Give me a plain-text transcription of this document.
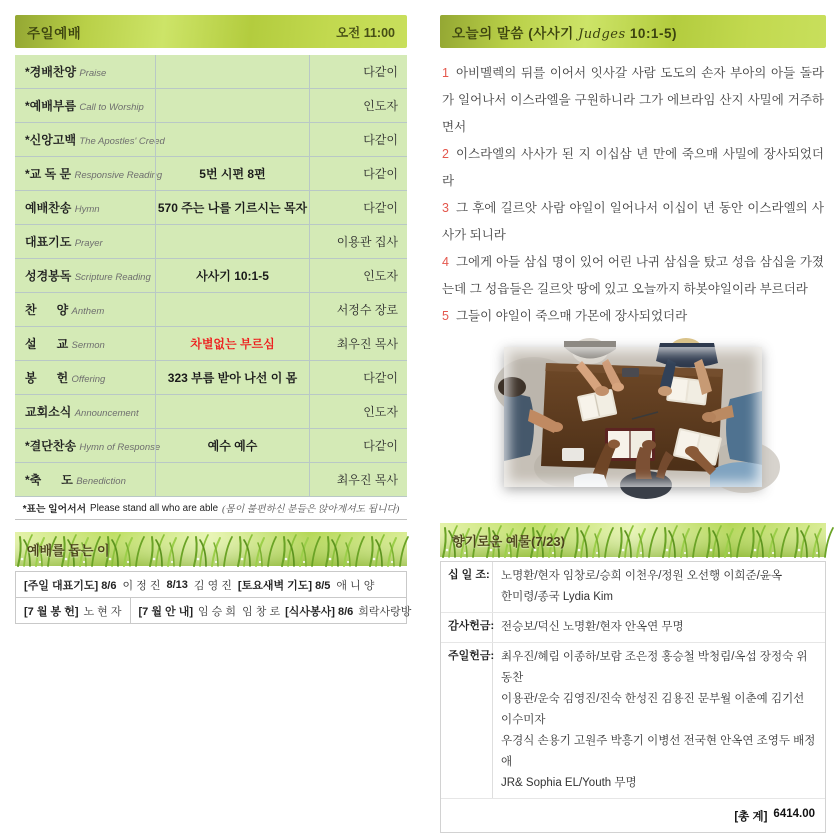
주일예배	오전 11:00
*경배찬양 Praise	다같이
*예배부름 Call to Worship	인도자
*신앙고백 The Apostles' Creed	다같이
*교 독 문 Responsive Reading	5번 시편 8편	다같이
예배찬송 Hymn	570 주는 나를 기르시는 목자	다같이
대표기도 Prayer	이용관 집사
성경봉독 Scripture Reading	사사기 10:1-5	인도자
찬      양 Anthem	서정수 장로
설      교 Sermon	차별없는 부르심	최우진 목사
봉      헌 Offering	323 부름 받아 나선 이 몸	다같이
교회소식 Announcement	인도자
*결단찬송 Hymn of Response	예수 예수	다같이
*축      도 Benediction	최우진 목사
*표는 일어서서 Please stand all who are able (몸이 불편하신 분들은 앉아계셔도 됩니다)
예배를 돕는 이
[주일 대표기도] 8/6 이 정 진 8/13 김 영 진 [토요새벽 기도] 8/5 애 니 양
[7 월 봉 헌] 노 현 자 [7 월 안 내] 임 승 희  임 창 로 [식사봉사] 8/6 희락사랑방
오늘의 말씀 (사사기 Judges 10:1-5)

1 아비멜렉의 뒤를 이어서 잇사갈 사람 도도의 손자 부아의 아들 돌라가 일어나서 이스라엘을 구원하니라 그가 에브라임 산지 사밀에 거주하면서

2 이스라엘의 사사가 된 지 이십삼 년 만에 죽으매 사밀에 장사되었더라

3 그 후에 길르앗 사람 야일이 일어나서 이십이 년 동안 이스라엘의 사사가 되니라

4 그에게 아들 삼십 명이 있어 어린 나귀 삼십을 탔고 성읍 삼십을 가졌는데 그 성읍들은 길르앗 땅에 있고 오늘까지 하봇야일이라 부르더라

5 그들이 야일이 죽으매 가몬에 장사되었더라

향기로운 예물(7/23)
십 일 조: 노명환/현자 임창로/승희 이천우/정원 오선행 이희준/윤옥
한미령/종국 Lydia Kim
감사헌금: 전승보/덕신 노명환/현자 안옥연 무명
주일헌금: 최우진/혜림 이종하/보람 조은정 홍승철 박청림/옥섭 장정숙 위동찬
이용관/운숙 김영진/진숙 한성진 김용진 문부월 이춘예 김기선 이수미자
우경식 손용기 고원주 박흥기 이병선 전국현 안옥연 조영두 배정애
JR& Sophia EL/Youth 무명
[총 계] 6414.00
